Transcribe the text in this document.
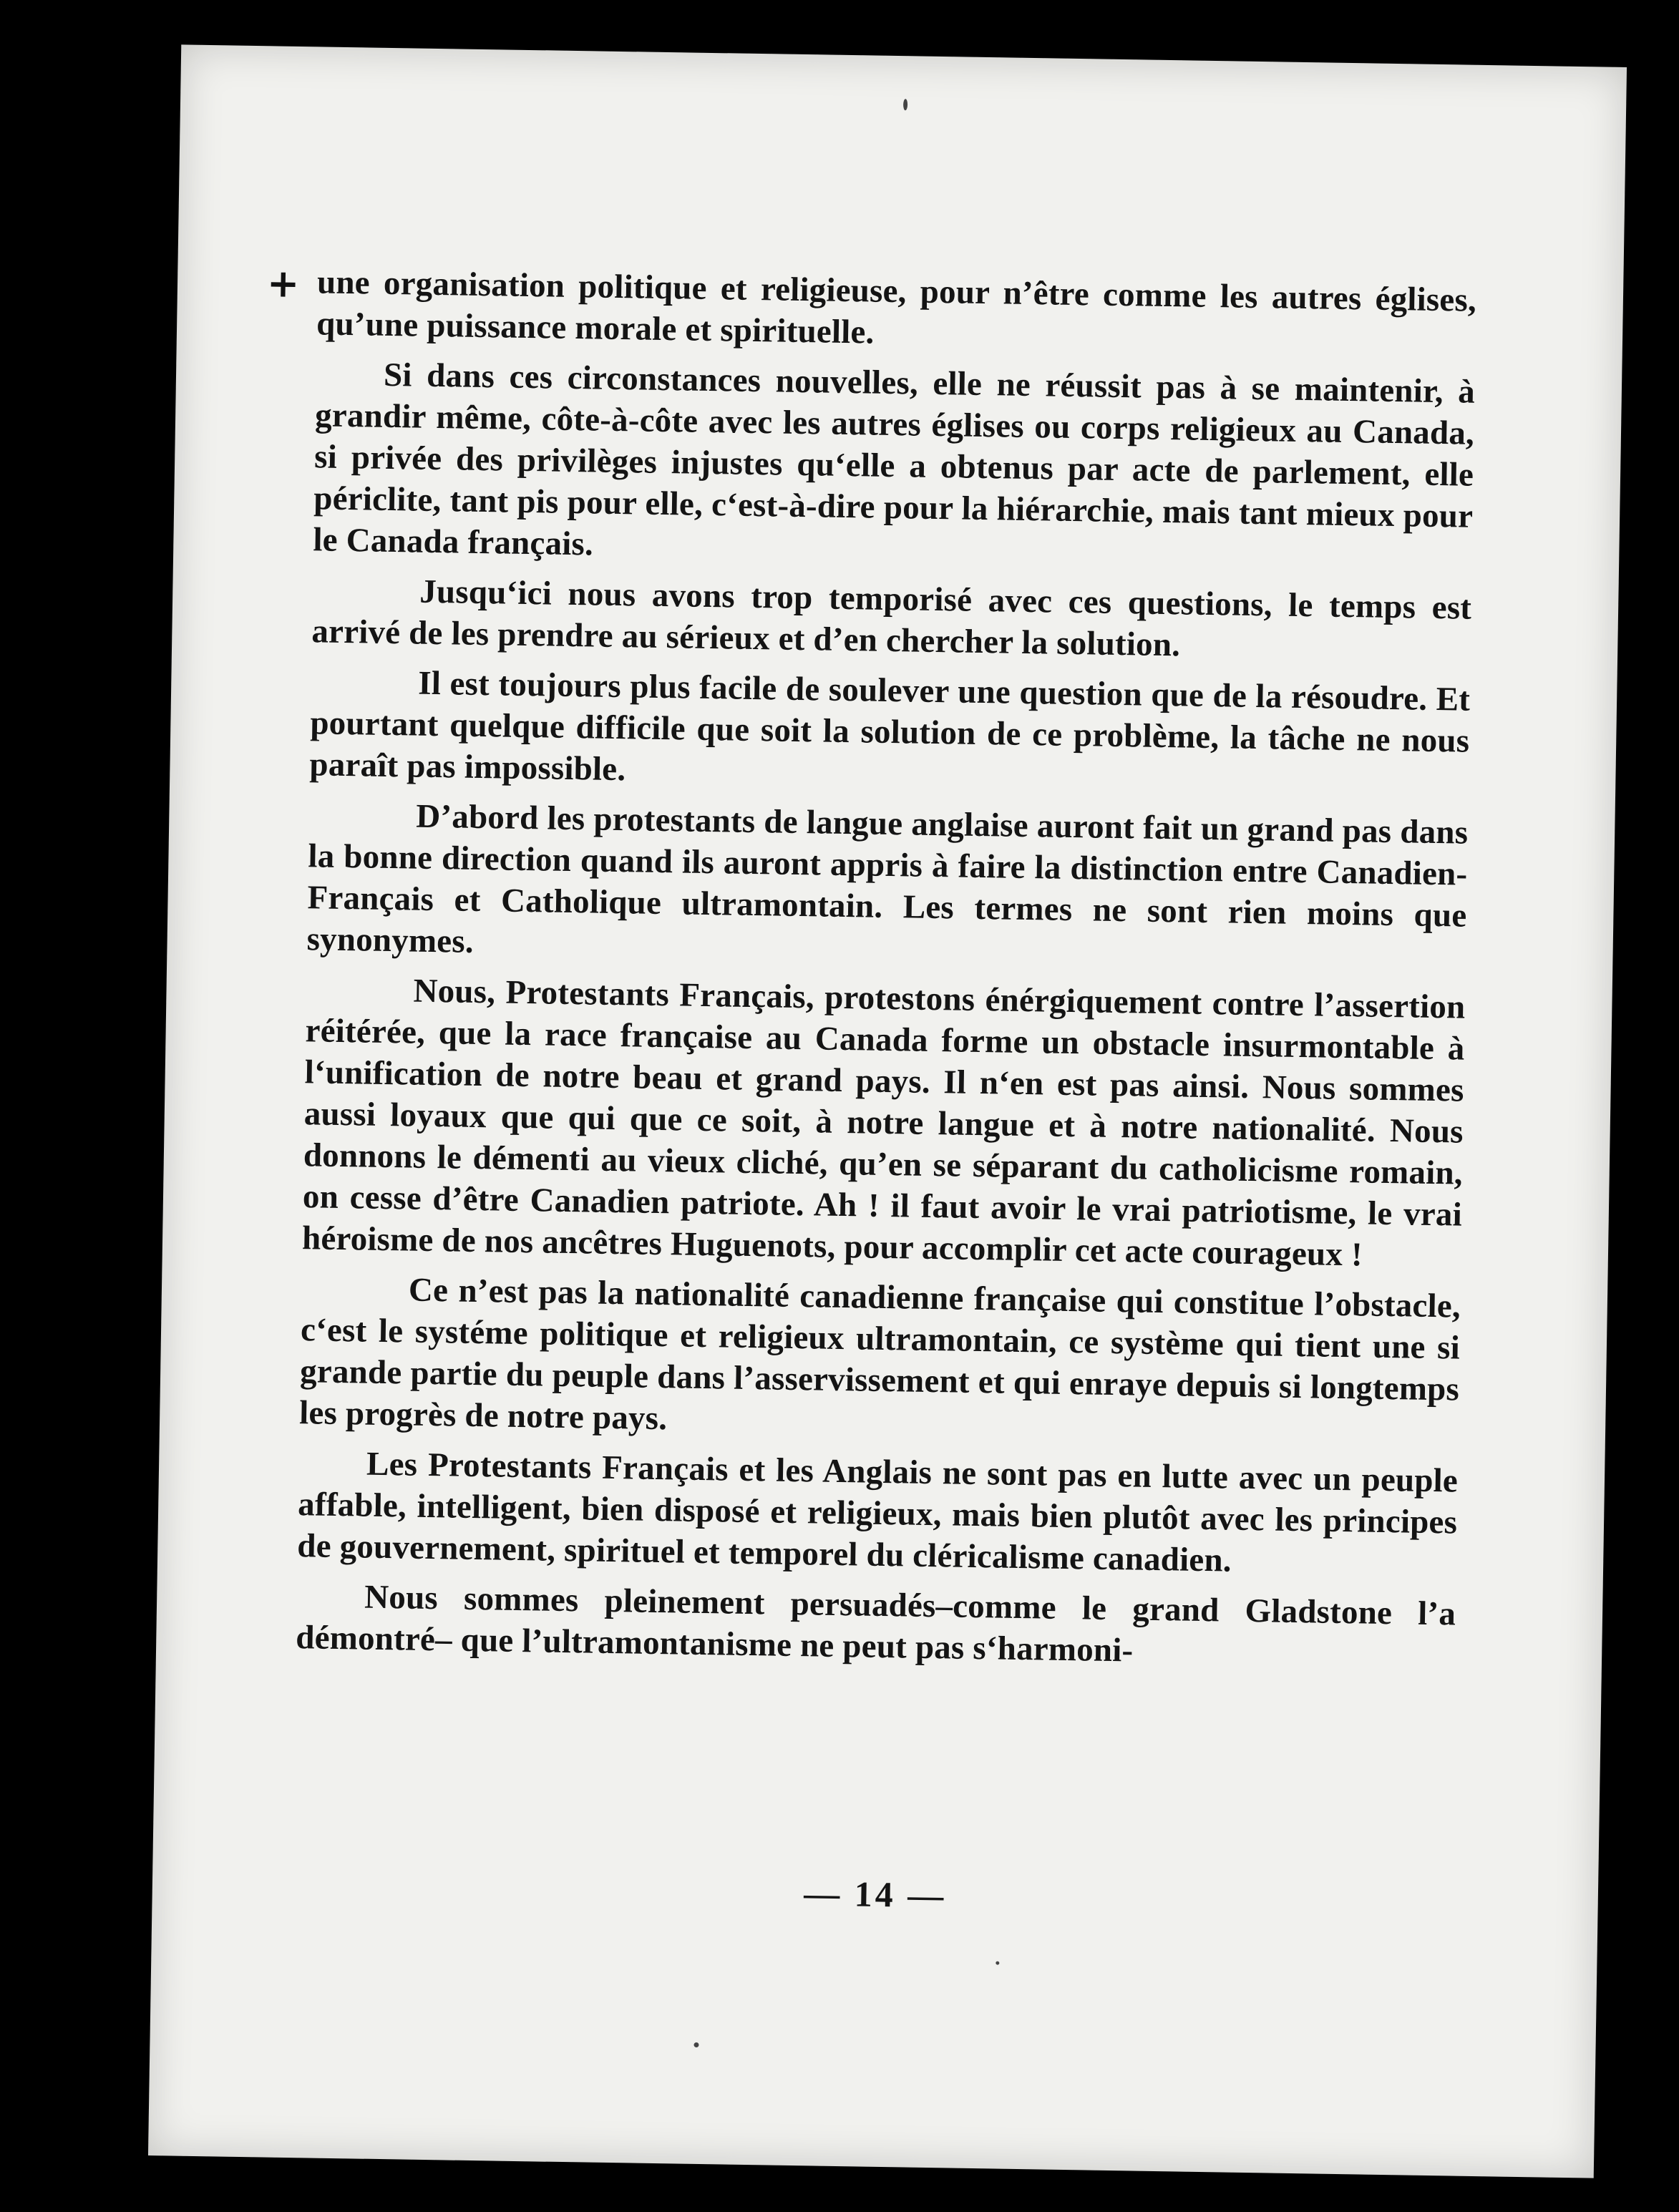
+ une organisation politique et religieuse, pour n’être comme les autres églises, qu’une puissance morale et spirituelle.

Si dans ces circonstances nouvelles, elle ne réussit pas à se maintenir, à grandir même, côte-à-côte avec les autres églises ou corps religieux au Canada, si privée des privilèges injustes qu‘elle a obtenus par acte de parlement, elle périclite, tant pis pour elle, c‘est-à-dire pour la hiérarchie, mais tant mieux pour le Canada français.

Jusqu‘ici nous avons trop temporisé avec ces questions, le temps est arrivé de les prendre au sérieux et d’en chercher la solution.

Il est toujours plus facile de soulever une question que de la résoudre. Et pourtant quelque difficile que soit la solution de ce problème, la tâche ne nous paraît pas impossible.

D’abord les protestants de langue anglaise auront fait un grand pas dans la bonne direction quand ils auront appris à faire la distinction entre Canadien-Français et Catholique ultramontain. Les termes ne sont rien moins que synonymes.

Nous, Protestants Français, protestons énérgiquement contre l’assertion réitérée, que la race française au Canada forme un obstacle insurmontable à l‘unification de notre beau et grand pays. Il n‘en est pas ainsi. Nous sommes aussi loyaux que qui que ce soit, à notre langue et à notre nationalité. Nous donnons le démenti au vieux cliché, qu’en se séparant du catholicisme romain, on cesse d’être Canadien patriote. Ah ! il faut avoir le vrai patriotisme, le vrai héroisme de nos ancêtres Huguenots, pour accomplir cet acte courageux !

Ce n’est pas la nationalité canadienne française qui constitue l’obstacle, c‘est le systéme politique et religieux ultramontain, ce système qui tient une si grande partie du peuple dans l’asservissement et qui enraye depuis si longtemps les progrès de notre pays.

Les Protestants Français et les Anglais ne sont pas en lutte avec un peuple affable, intelligent, bien disposé et religieux, mais bien plutôt avec les principes de gouvernement, spirituel et temporel du cléricalisme canadien.

Nous sommes pleinement persuadés–comme le grand Gladstone l’a démontré– que l’ultramontanisme ne peut pas s‘harmoni-

— 14 —
